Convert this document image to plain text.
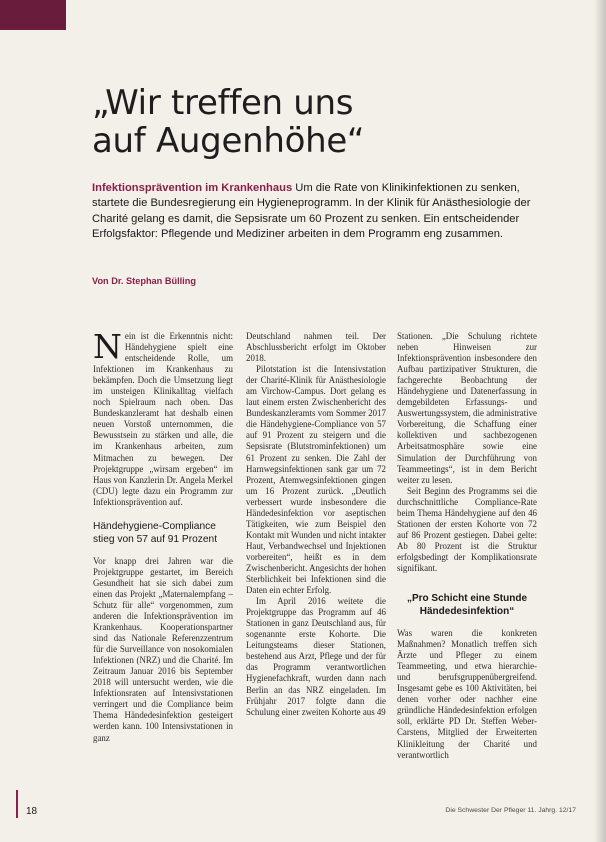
„Wir treffen uns
auf Augenhöhe“
Infektionsprävention im Krankenhaus Um die Rate von Klinikinfektionen zu senken, startete die Bundesregierung ein Hygieneprogramm. In der Klinik für Anästhesiologie der Charité gelang es damit, die Sepsisrate um 60 Prozent zu senken. Ein entscheidender Erfolgsfaktor: Pflegende und Mediziner arbeiten in dem Programm eng zusammen.
Von Dr. Stephan Bülling

Nein ist die Erkenntnis nicht: Händehygiene spielt eine entscheidende Rolle, um Infektionen im Krankenhaus zu bekämpfen. Doch die Umsetzung liegt im unsteigen Klinikalltag vielfach noch Spielraum nach oben. Das Bundeskanzleramt hat deshalb einen neuen Vorstoß unternommen, die Bewusstsein zu stärken und alle, die im Krankenhaus arbeiten, zum Mitmachen zu bewegen. Der Projektgruppe „wirsam ergeben“ im Haus von Kanzlerin Dr. Angela Merkel (CDU) legte dazu ein Programm zur Infektionsprävention auf.

Händehygiene-Compliance stieg von 57 auf 91 Prozent

Vor knapp drei Jahren war die Projektgruppe gestartet, im Bereich Gesundheit hat sie sich dabei zum einen das Projekt „Maternalempfang – Schutz für alle“ vorgenommen, zum anderen die Infektionsprävention im Krankenhaus. Kooperationspartner sind das Nationale Referenzzentrum für die Surveillance von nosokomialen Infektionen (NRZ) und die Charité. Im Zeitraum Januar 2016 bis September 2018 will untersucht werden, wie die Infektionsraten auf Intensivstationen verringert und die Compliance beim Thema Händedesinfektion gesteigert werden kann. 100 Intensivstationen in ganz

Deutschland nahmen teil. Der Abschlussbericht erfolgt im Oktober 2018.

Pilotstation ist die Intensivstation der Charité-Klinik für Anästhesiologie am Virchow-Campus. Dort gelang es laut einem ersten Zwischenbericht des Bundeskanzleramts vom Sommer 2017 die Händehygiene-Compliance von 57 auf 91 Prozent zu steigern und die Sepsisrate (Blutstrominfektionen) um 61 Prozent zu senken. Die Zahl der Harnwegsinfektionen sank gar um 72 Prozent, Atemwegsinfektionen gingen um 16 Prozent zurück. „Deutlich verbessert wurde insbesondere die Händedesinfektion vor aseptischen Tätigkeiten, wie zum Beispiel den Kontakt mit Wunden und nicht intakter Haut, Verbandwechsel und Injektionen vorbereiten“, heißt es in dem Zwischenbericht. Angesichts der hohen Sterblichkeit bei Infektionen sind die Daten ein echter Erfolg.

Im April 2016 weitete die Projektgruppe das Programm auf 46 Stationen in ganz Deutschland aus, für sogenannte erste Kohorte. Die Leitungsteams dieser Stationen, bestehend aus Arzt, Pflege und der für das Programm verantwortlichen Hygienefachkraft, wurden dann nach Berlin an das NRZ eingeladen. Im Frühjahr 2017 folgte dann die Schulung einer zweiten Kohorte aus 49

Stationen. „Die Schulung richtete neben Hinweisen zur Infektionsprävention insbesondere den Aufbau partizipativer Strukturen, die fachgerechte Beobachtung der Händehygiene und Datenerfassung in demgebildeten Erfassungs- und Auswertungssystem, die administrative Vorbereitung, die Schaffung einer kollektiven und sachbezogenen Arbeitsatmosphäre sowie eine Simulation der Durchführung von Teammeetings“, ist in dem Bericht weiter zu lesen.

Seit Beginn des Programms sei die durchschnittliche Compliance-Rate beim Thema Händehygiene auf den 46 Stationen der ersten Kohorte von 72 auf 86 Prozent gestiegen. Dabei gelte: Ab 80 Prozent ist die Struktur erfolgsbedingt der Komplikationsrate signifikant.

„Pro Schicht eine Stunde Händedesinfektion“

Was waren die konkreten Maßnahmen? Monatlich treffen sich Ärzte und Pfleger zu einem Teammeeting, und etwa hierarchie- und berufsgruppenübergreifend. Insgesamt gebe es 100 Aktivitäten, bei denen vorher oder nachher eine gründliche Händedesinfektion erfolgen soll, erklärte PD Dr. Steffen Weber-Carstens, Mitglied der Erweiterten Klinikleitung der Charité und verantwortlich

18	Die Schwester Der Pfleger 11. Jahrg. 12/17
